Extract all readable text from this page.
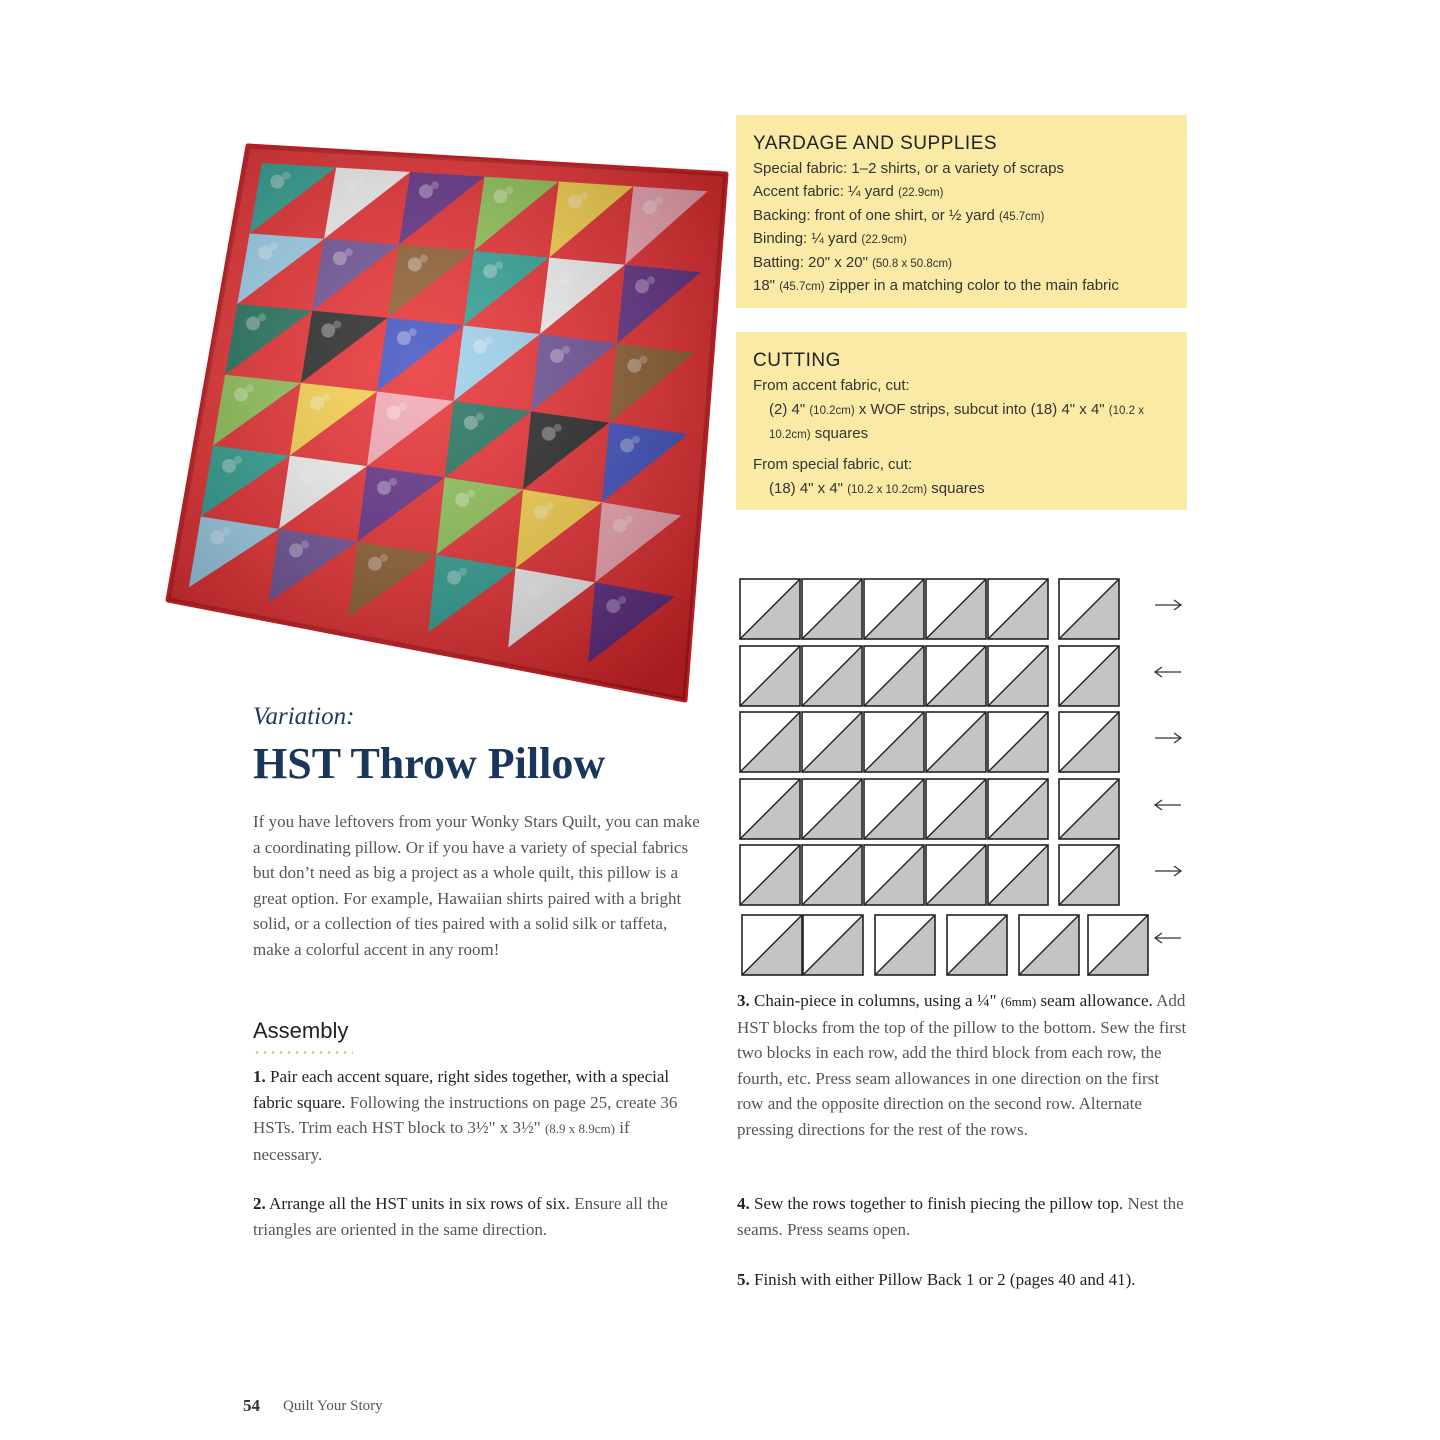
YARDAGE AND SUPPLIES
Special fabric: 1–2 shirts, or a variety of scraps
Accent fabric: ¼ yard (22.9cm)
Backing: front of one shirt, or ½ yard (45.7cm)
Binding: ¼ yard (22.9cm)
Batting: 20" x 20" (50.8 x 50.8cm)
18" (45.7cm) zipper in a matching color to the main fabric
CUTTING
From accent fabric, cut:
(2) 4" (10.2cm) x WOF strips, subcut into (18) 4" x 4" (10.2 x
10.2cm) squares
From special fabric, cut:
(18) 4" x 4" (10.2 x 10.2cm) squares
Variation:
HST Throw Pillow
If you have leftovers from your Wonky Stars Quilt, you can make a coordinating pillow. Or if you have a variety of special fabrics but don’t need as big a project as a whole quilt, this pillow is a great option. For example, Hawaiian shirts paired with a bright solid, or a collection of ties paired with a solid silk or taffeta, make a colorful accent in any room!
Assembly
1. Pair each accent square, right sides together, with a special fabric square. Following the instructions on page 25, create 36 HSTs. Trim each HST block to 3½" x 3½" (8.9 x 8.9cm) if necessary.
2. Arrange all the HST units in six rows of six. Ensure all the triangles are oriented in the same direction.
3. Chain-piece in columns, using a ¼" (6mm) seam allowance. Add HST blocks from the top of the pillow to the bottom. Sew the first two blocks in each row, add the third block from each row, the fourth, etc. Press seam allowances in one direction on the first row and the opposite direction on the second row. Alternate pressing directions for the rest of the rows.
4. Sew the rows together to finish piecing the pillow top. Nest the seams. Press seams open.
5. Finish with either Pillow Back 1 or 2 (pages 40 and 41).
54 Quilt Your Story
